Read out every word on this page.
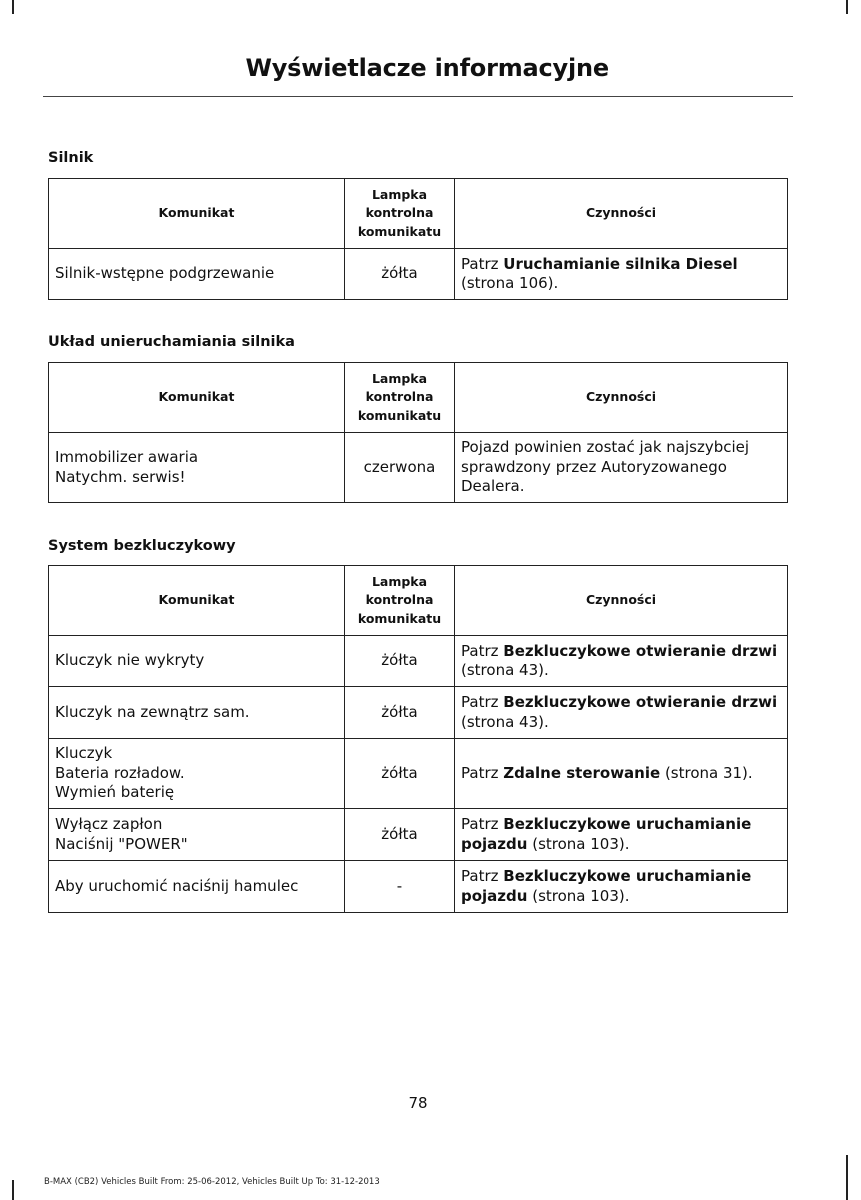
Wyświetlacze informacyjne
Silnik
Komunikat	Lampka kontrolna komunikatu	Czynności
Silnik-wstępne podgrzewanie	żółta	Patrz Uruchamianie silnika Diesel (strona 106).
Układ unieruchamiania silnika
Komunikat	Lampka kontrolna komunikatu	Czynności
Immobilizer awaria
Natychm. serwis!	czerwona	Pojazd powinien zostać jak najszybciej sprawdzony przez Autoryzowanego Dealera.
System bezkluczykowy
Komunikat	Lampka kontrolna komunikatu	Czynności
Kluczyk nie wykryty	żółta	Patrz Bezkluczykowe otwieranie drzwi (strona 43).
Kluczyk na zewnątrz sam.	żółta	Patrz Bezkluczykowe otwieranie drzwi (strona 43).
Kluczyk
Bateria rozładow.
Wymień baterię	żółta	Patrz Zdalne sterowanie (strona 31).
Wyłącz zapłon
Naciśnij "POWER"	żółta	Patrz Bezkluczykowe uruchamianie pojazdu (strona 103).
Aby uruchomić naciśnij hamulec	-	Patrz Bezkluczykowe uruchamianie pojazdu (strona 103).
78
B-MAX (CB2) Vehicles Built From: 25-06-2012, Vehicles Built Up To: 31-12-2013
